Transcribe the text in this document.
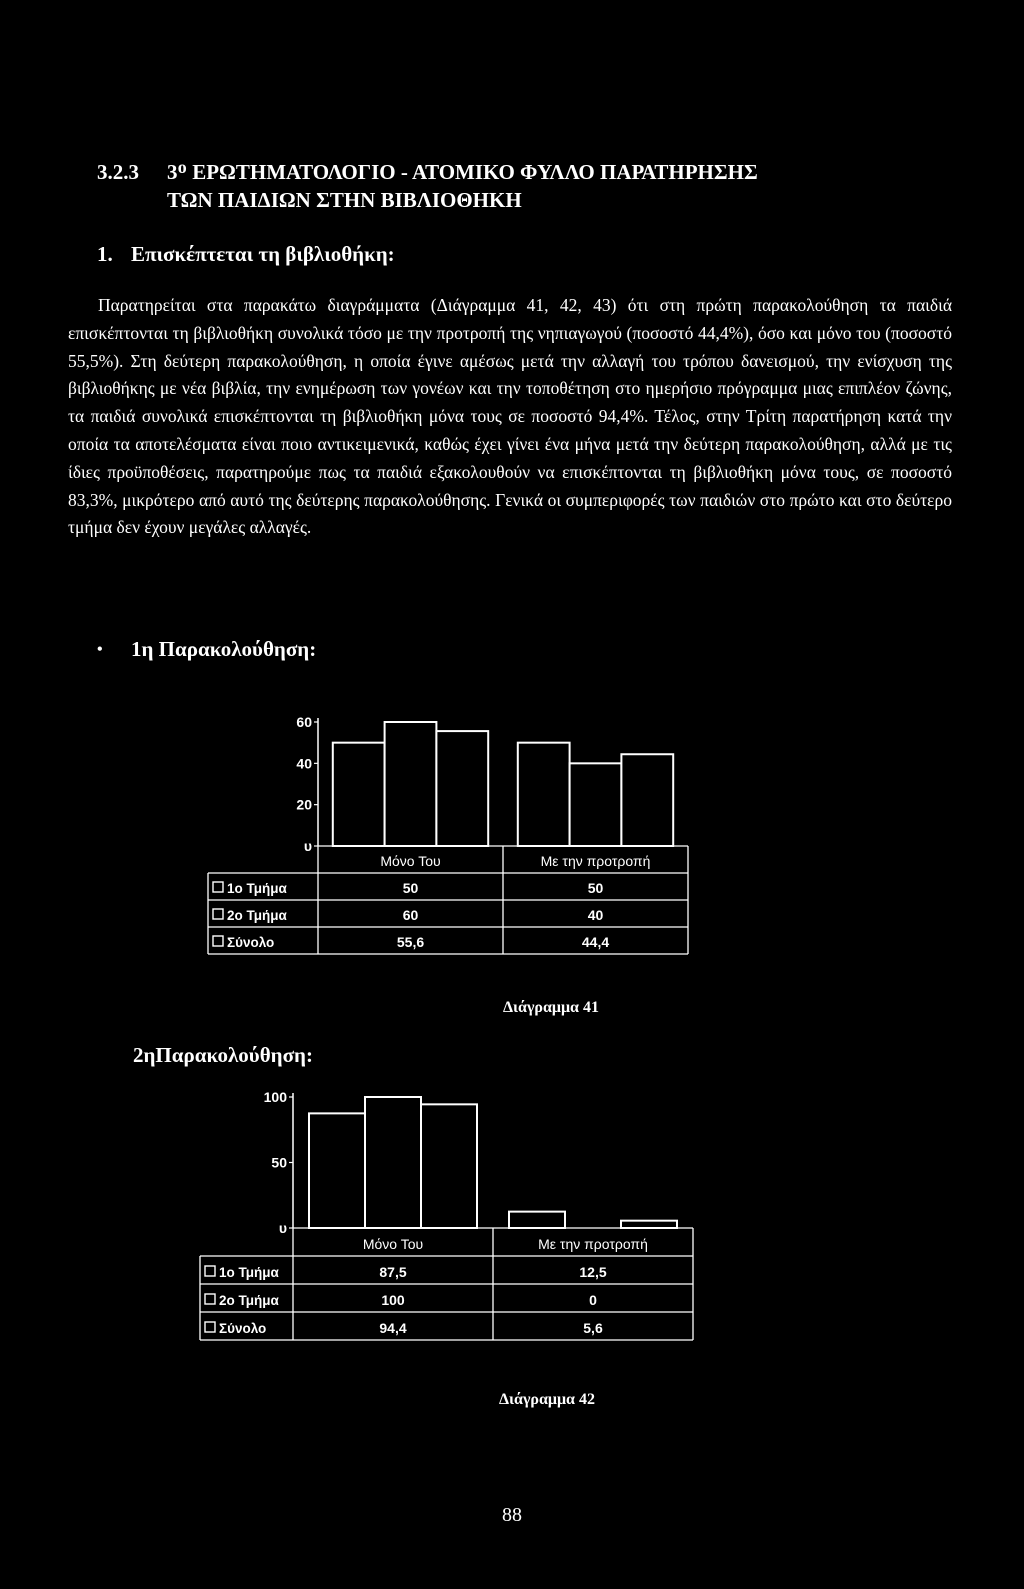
3.2.3 3ᴼ ΕΡΩΤΗΜΑΤΟΛΟΓΙΟ - ΑΤΟΜΙΚΟ ΦΥΛΛΟ ΠΑΡΑΤΗΡΗΣΗΣ
ΤΩΝ ΠΑΙΔΙΩΝ ΣΤΗΝ ΒΙΒΛΙΟΘΗΚΗ
1. Επισκέπτεται τη βιβλιοθήκη:
Παρατηρείται στα παρακάτω διαγράμματα (Διάγραμμα 41, 42, 43) ότι στη πρώτη παρακολούθηση τα παιδιά επισκέπτονται τη βιβλιοθήκη συνολικά τόσο με την προτροπή της νηπιαγωγού (ποσοστό 44,4%), όσο και μόνο του (ποσοστό 55,5%). Στη δεύτερη παρακολούθηση, η οποία έγινε αμέσως μετά την αλλαγή του τρόπου δανεισμού, την ενίσχυση της βιβλιοθήκης με νέα βιβλία, την ενημέρωση των γονέων και την τοποθέτηση στο ημερήσιο πρόγραμμα μιας επιπλέον ζώνης, τα παιδιά συνολικά επισκέπτονται τη βιβλιοθήκη μόνα τους σε ποσοστό 94,4%. Τέλος, στην Τρίτη παρατήρηση κατά την οποία τα αποτελέσματα είναι ποιο αντικειμενικά, καθώς έχει γίνει ένα μήνα μετά την δεύτερη παρακολούθηση, αλλά με τις ίδιες προϋποθέσεις, παρατηρούμε πως τα παιδιά εξακολουθούν να επισκέπτονται τη βιβλιοθήκη μόνα τους, σε ποσοστό 83,3%, μικρότερο από αυτό της δεύτερης παρακολούθησης. Γενικά οι συμπεριφορές των παιδιών στο πρώτο και στο δεύτερο τμήμα δεν έχουν μεγάλες αλλαγές.
• 1η Παρακολούθηση:
υ
20
40
60
Μόνο Του	Με την προτροπή
1ο Τμήμα	50	50
2ο Τμήμα	60	40
Σύνολο	55,6	44,4
Διάγραμμα 41
2ηΠαρακολούθηση:
υ
50
100
Μόνο Του	Με την προτροπή
1ο Τμήμα	87,5	12,5
2ο Τμήμα	100	0
Σύνολο	94,4	5,6
Διάγραμμα 42
88
